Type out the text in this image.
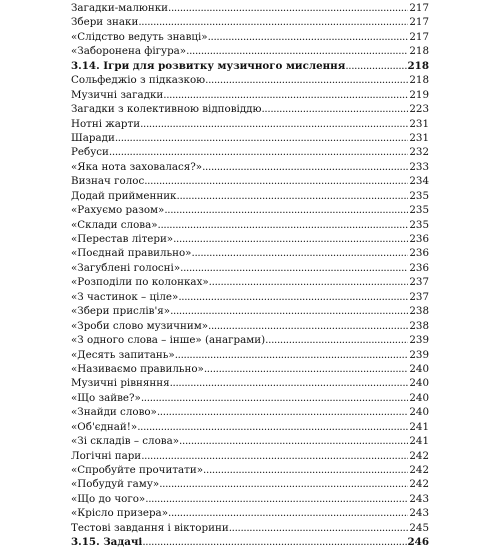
Загадки-малюнки . . .	217
Збери знаки . . .	217
«Слідство ведуть знавці» . . .	217
«Заборонена фігура» . . .	218
3.14. Ігри для розвитку музичного мислення . . .	218
Сольфеджіо з підказкою . . .	218
Музичні загадки . . .	219
Загадки з колективною відповіддю . . .	223
Нотні жарти . . .	231
Шаради . . .	231
Ребуси . . .	232
«Яка нота заховалася?» . . .	233
Визнач голос . . .	234
Додай прийменник . . .	235
«Рахуємо разом» . . .	235
«Склади слова» . . .	235
«Перестав літери» . . .	236
«Поєднай правильно» . . .	236
«Загублені голосні» . . .	236
«Розподіли по колонках» . . .	237
«З частинок – ціле» . . .	237
«Збери прислів'я» . . .	238
«Зроби слово музичним» . . .	238
«З одного слова – інше» (анаграми) . . .	239
«Десять запитань» . . .	239
«Називаємо правильно» . . .	240
Музичні рівняння . . .	240
«Що зайве?» . . .	240
«Знайди слово» . . .	240
«Об'єднай!» . . .	241
«Зі складів – слова» . . .	241
Логічні пари . . .	242
«Спробуйте прочитати» . . .	242
«Побудуй гаму» . . .	242
«Що до чого» . . .	243
«Крісло призера» . . .	243
Тестові завдання і вікторини . . .	245
3.15. Задачі . . .	246
